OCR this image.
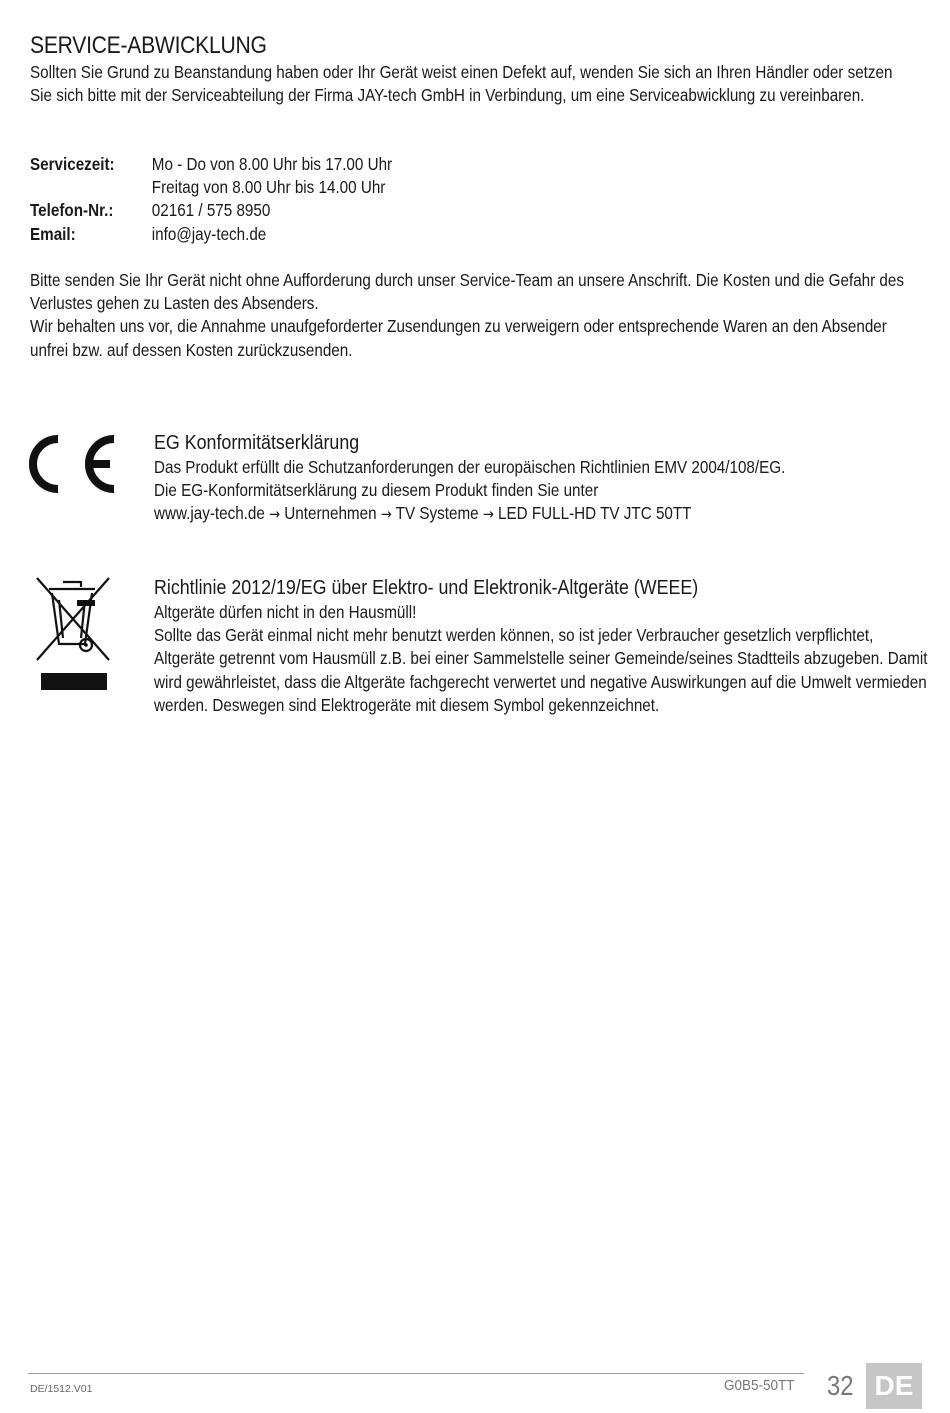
SERVICE-ABWICKLUNG
Sollten Sie Grund zu Beanstandung haben oder Ihr Gerät weist einen Defekt auf, wenden Sie sich an Ihren Händler oder setzen Sie sich bitte mit der Serviceabteilung der Firma JAY-tech GmbH in Verbindung, um eine Serviceabwicklung zu vereinbaren.
Servicezeit:	Mo - Do von 8.00 Uhr bis 17.00 Uhr
Freitag von 8.00 Uhr bis 14.00 Uhr
Telefon-Nr.:	02161 / 575 8950
Email:	info@jay-tech.de
Bitte senden Sie Ihr Gerät nicht ohne Aufforderung durch unser Service-Team an unsere Anschrift. Die Kosten und die Gefahr des Verlustes gehen zu Lasten des Absenders.
Wir behalten uns vor, die Annahme unaufgeforderter Zusendungen zu verweigern oder entsprechende Waren an den Absender unfrei bzw. auf dessen Kosten zurückzusenden.
EG Konformitätserklärung
Das Produkt erfüllt die Schutzanforderungen der europäischen Richtlinien EMV 2004/108/EG.
Die EG-Konformitätserklärung zu diesem Produkt finden Sie unter
www.jay-tech.de → Unternehmen → TV Systeme → LED FULL-HD TV JTC 50TT
Richtlinie 2012/19/EG über Elektro- und Elektronik-Altgeräte (WEEE)
Altgeräte dürfen nicht in den Hausmüll!
Sollte das Gerät einmal nicht mehr benutzt werden können, so ist jeder Verbraucher gesetzlich verpflichtet, Altgeräte getrennt vom Hausmüll z.B. bei einer Sammelstelle seiner Gemeinde/seines Stadtteils abzugeben. Damit wird gewährleistet, dass die Altgeräte fachgerecht verwertet und negative Auswirkungen auf die Umwelt vermieden werden. Deswegen sind Elektrogeräte mit diesem Symbol gekennzeichnet.
DE/1512.V01	G0B5-50TT 32 DE
